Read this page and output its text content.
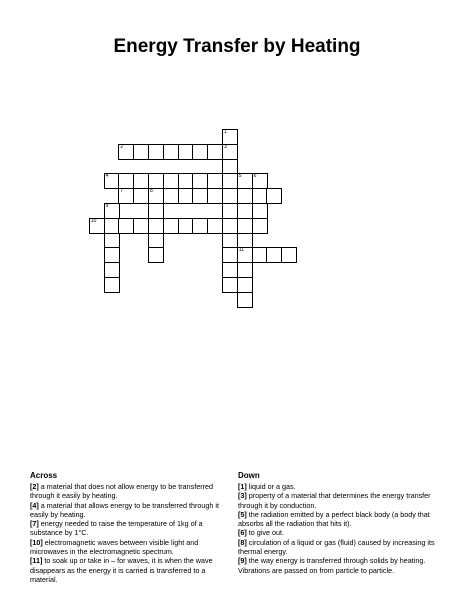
Energy Transfer by Heating
1
3
2
4	5
11
6
7	8
9
10
Across

[2] a material that does not allow energy to be transferred through it easily by heating.

[4] a material that allows energy to be transferred through it easily by heating.

[7] energy needed to raise the temperature of 1kg of a substance by 1°C.

[10] electromagnetic waves between visible light and microwaves in the electromagnetic spectrum.

[11] to soak up or take in – for waves, it is when the wave disappears as the energy it is carried is transferred to a material.

Down

[1] liquid or a gas.

[3] property of a material that determines the energy transfer through it by conduction.

[5] the radiation emitted by a perfect black body (a body that absorbs all the radiation that hits it).

[6] to give out.

[8] circulation of a liquid or gas (fluid) caused by increasing its thermal energy.

[9] the way energy is transferred through solids by heating. Vibrations are passed on from particle to particle.
